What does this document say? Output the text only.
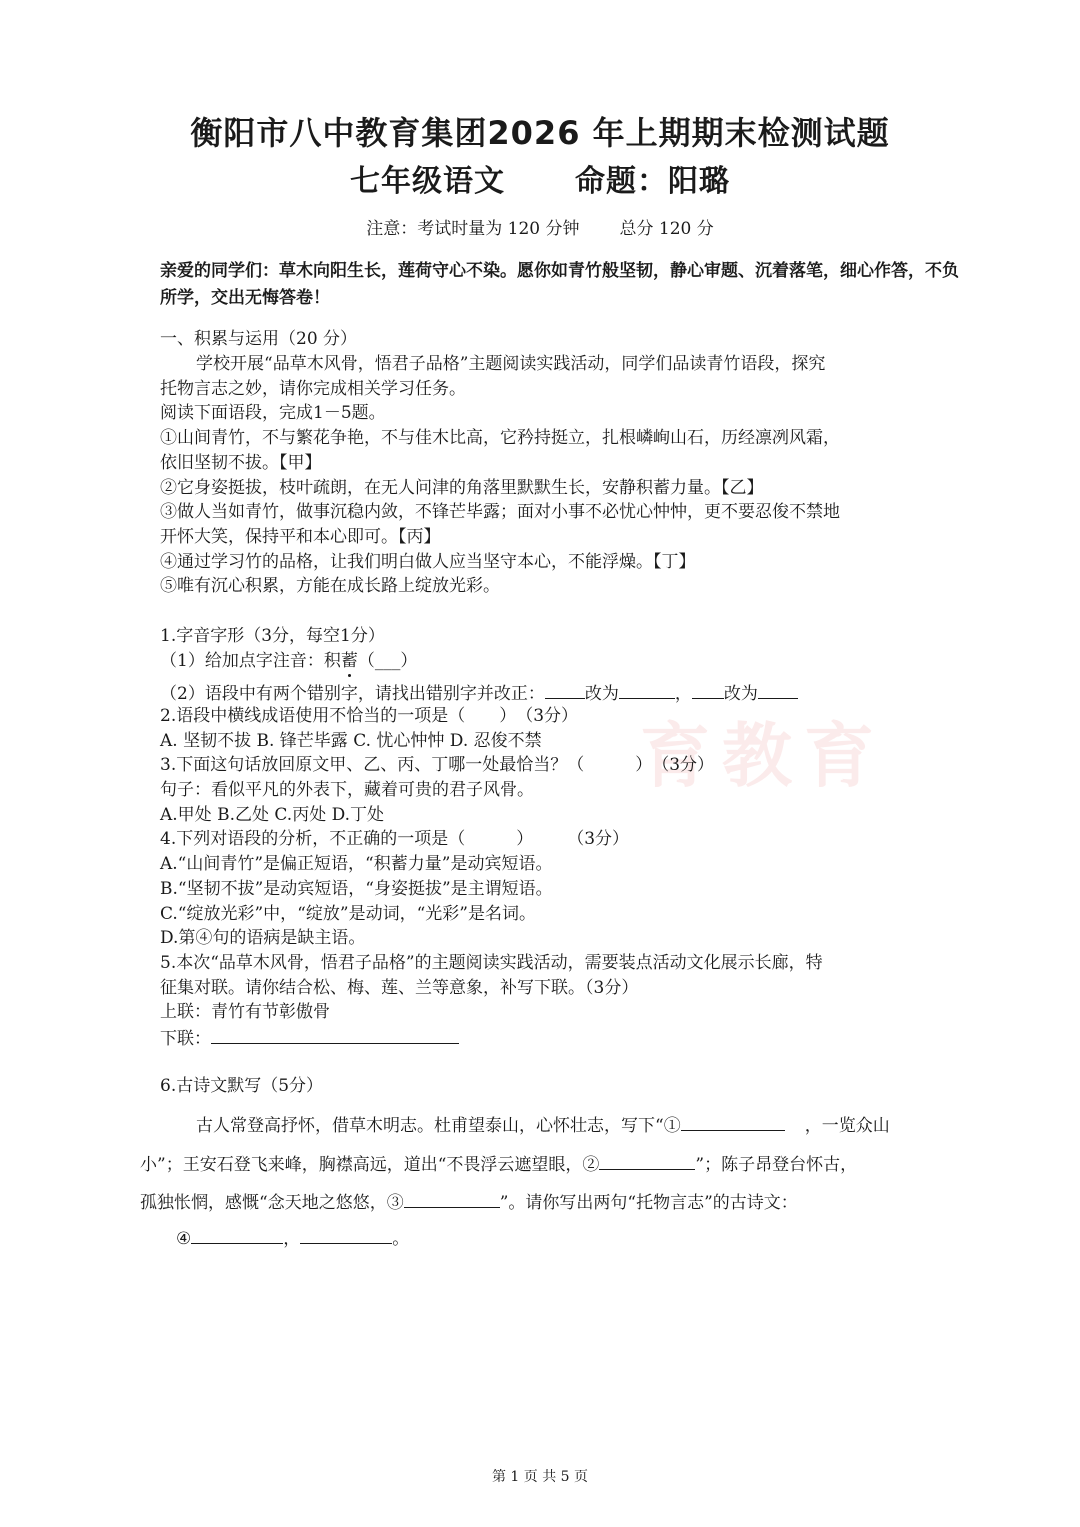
育教育
衡阳市八中教育集团2026 年上期期末检测试题
七年级语文 命题：阳璐
注意：考试时量为 120 分钟 总分 120 分
亲爱的同学们：草木向阳生长，莲荷守心不染。愿你如青竹般坚韧，静心审题、沉着落笔，细心作答，不负所学，交出无悔答卷！
一、积累与运用（20 分）
学校开展“品草木风骨，悟君子品格”主题阅读实践活动，同学们品读青竹语段，探究
托物言志之妙，请你完成相关学习任务。
阅读下面语段，完成1－5题。
①山间青竹，不与繁花争艳，不与佳木比高，它矜持挺立，扎根嶙峋山石，历经凛冽风霜，
依旧坚韧不拔。【甲】
②它身姿挺拔，枝叶疏朗，在无人问津的角落里默默生长，安静积蓄力量。【乙】
③做人当如青竹，做事沉稳内敛，不锋芒毕露；面对小事不必忧心忡忡，更不要忍俊不禁地
开怀大笑，保持平和本心即可。【丙】
④通过学习竹的品格，让我们明白做人应当坚守本心，不能浮燥。【丁】
⑤唯有沉心积累，方能在成长路上绽放光彩。
1.字音字形（3分，每空1分）
（1）给加点字注音：积蓄（___）
（2）语段中有两个错别字，请找出错别字并改正： 改为	， 改为
2.语段中横线成语使用不恰当的一项是（　　）　（3分）
A. 坚韧不拔 B. 锋芒毕露 C. 忧心忡忡 D. 忍俊不禁
3.下面这句话放回原文甲、乙、丙、丁哪一处最恰当？（　　　）　（3分）
句子：看似平凡的外表下，藏着可贵的君子风骨。
A.甲处 B.乙处 C.丙处 D.丁处
4.下列对语段的分析，不正确的一项是（　　　）　　　（3分）
A.“山间青竹”是偏正短语，“积蓄力量”是动宾短语。
B.“坚韧不拔”是动宾短语，“身姿挺拔”是主谓短语。
C.“绽放光彩”中，“绽放”是动词，“光彩”是名词。
D.第④句的语病是缺主语。
5.本次“品草木风骨，悟君子品格”的主题阅读实践活动，需要装点活动文化展示长廊，特
征集对联。请你结合松、梅、莲、兰等意象，补写下联。（3分）
上联：青竹有节彰傲骨
下联：
6.古诗文默写（5分）
古人常登高抒怀，借草木明志。杜甫望泰山，心怀壮志，写下“①	，一览众山
小”；王安石登飞来峰，胸襟高远，道出“不畏浮云遮望眼，②	”；陈子昂登台怀古，
孤独怅惘，感慨“念天地之悠悠，③	”。请你写出两句“托物言志”的古诗文：
④	，	。
第 1 页 共 5 页
